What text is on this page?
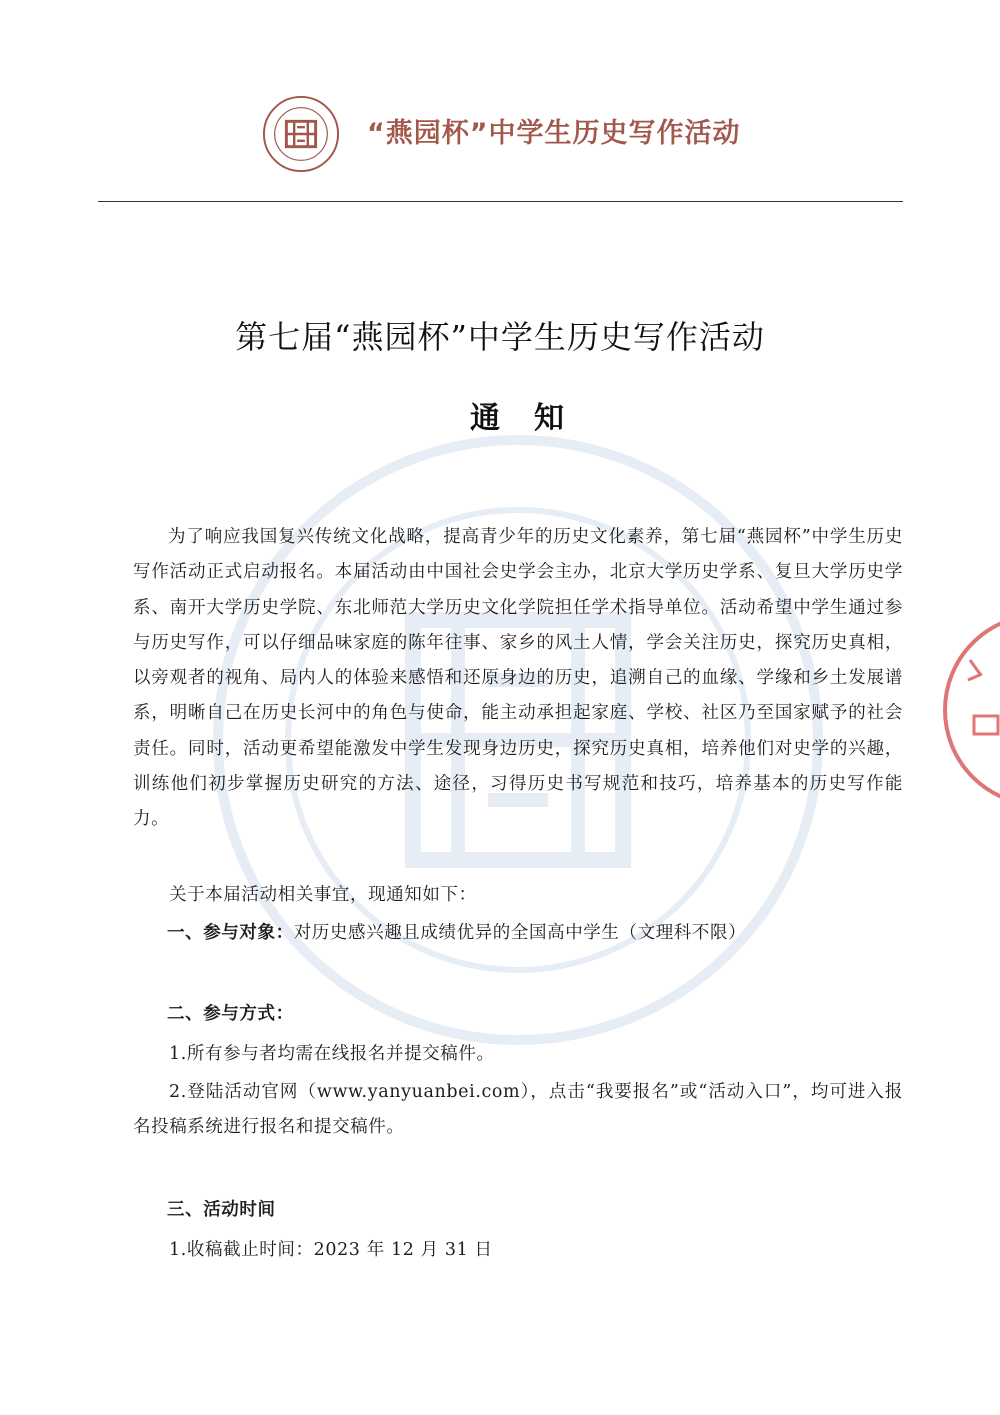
“燕园杯”中学生历史写作活动
第七届“燕园杯”中学生历史写作活动
通知

为了响应我国复兴传统文化战略，提高青少年的历史文化素养，第七届“燕园杯”中学生历史写作活动正式启动报名。本届活动由中国社会史学会主办，北京大学历史学系、复旦大学历史学系、南开大学历史学院、东北师范大学历史文化学院担任学术指导单位。活动希望中学生通过参与历史写作，可以仔细品味家庭的陈年往事、家乡的风土人情，学会关注历史，探究历史真相，以旁观者的视角、局内人的体验来感悟和还原身边的历史，追溯自己的血缘、学缘和乡土发展谱系，明晰自己在历史长河中的角色与使命，能主动承担起家庭、学校、社区乃至国家赋予的社会责任。同时，活动更希望能激发中学生发现身边历史，探究历史真相，培养他们对史学的兴趣，训练他们初步掌握历史研究的方法、途径，习得历史书写规范和技巧，培养基本的历史写作能力。

关于本届活动相关事宜，现通知如下：

一、参与对象：对历史感兴趣且成绩优异的全国高中学生（文理科不限）

二、参与方式：

1.所有参与者均需在线报名并提交稿件。

2.登陆活动官网（www.yanyuanbei.com），点击“我要报名”或“活动入口”，均可进入报名投稿系统进行报名和提交稿件。

三、活动时间

1.收稿截止时间：2023 年 12 月 31 日
